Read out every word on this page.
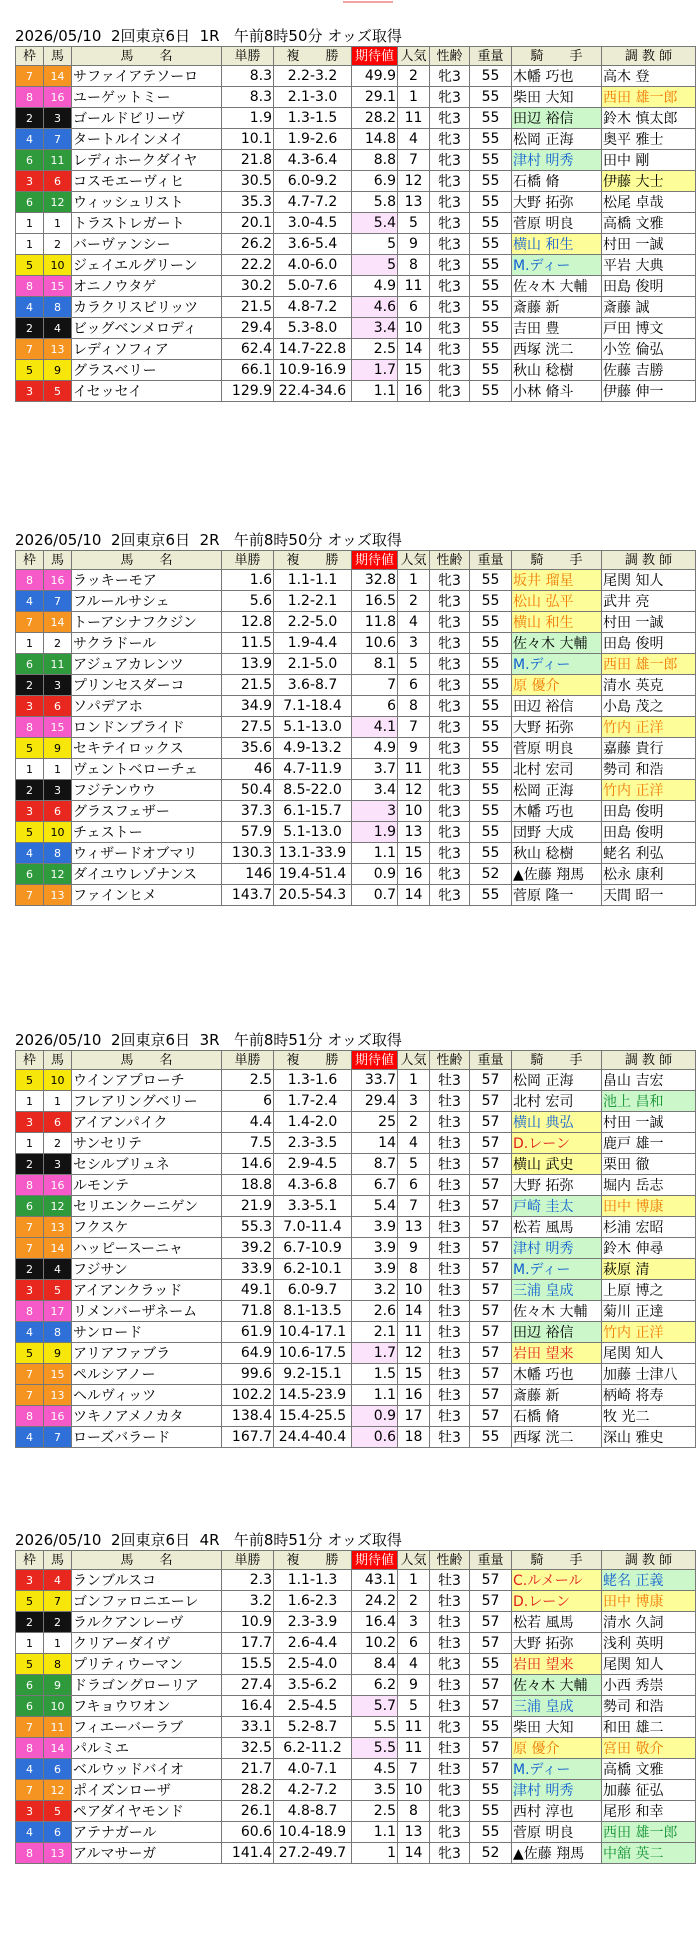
2026/05/10  2回東京6日  1R   午前8時50分 オッズ取得
枠	馬	馬　　名	単勝	複　　勝	期待値	人気	性齢	重量	騎　　手	調 教 師
7	14	サファイアテソーロ	8.3	2.2-3.2	49.9	2	牝3	55	木幡 巧也	高木 登
8	16	ユーゲットミー	8.3	2.1-3.0	29.1	1	牝3	55	柴田 大知	西田 雄一郎
2	3	ゴールドビリーヴ	1.9	1.3-1.5	28.2	11	牝3	55	田辺 裕信	鈴木 慎太郎
4	7	タートルインメイ	10.1	1.9-2.6	14.8	4	牝3	55	松岡 正海	奥平 雅士
6	11	レディホークダイヤ	21.8	4.3-6.4	8.8	7	牝3	55	津村 明秀	田中 剛
3	6	コスモエーヴィヒ	30.5	6.0-9.2	6.9	12	牝3	55	石橋 脩	伊藤 大士
6	12	ウィッシュリスト	35.3	4.7-7.2	5.8	13	牝3	55	大野 拓弥	松尾 卓哉
1	1	トラストレガート	20.1	3.0-4.5	5.4	5	牝3	55	菅原 明良	高橋 文雅
1	2	バーヴァンシー	26.2	3.6-5.4	5	9	牝3	55	横山 和生	村田 一誠
5	10	ジェイエルグリーン	22.2	4.0-6.0	5	8	牝3	55	M.ディー	平岩 大典
8	15	オニノウタゲ	30.2	5.0-7.6	4.9	11	牝3	55	佐々木 大輔	田島 俊明
4	8	カラクリスピリッツ	21.5	4.8-7.2	4.6	6	牝3	55	斎藤 新	斎藤 誠
2	4	ビッグベンメロディ	29.4	5.3-8.0	3.4	10	牝3	55	吉田 豊	戸田 博文
7	13	レディソフィア	62.4	14.7-22.8	2.5	14	牝3	55	西塚 洸二	小笠 倫弘
5	9	グラスベリー	66.1	10.9-16.9	1.7	15	牝3	55	秋山 稔樹	佐藤 吉勝
3	5	イセッセイ	129.9	22.4-34.6	1.1	16	牝3	55	小林 脩斗	伊藤 伸一
2026/05/10  2回東京6日  2R   午前8時50分 オッズ取得
枠	馬	馬　　名	単勝	複　　勝	期待値	人気	性齢	重量	騎　　手	調 教 師
8	16	ラッキーモア	1.6	1.1-1.1	32.8	1	牝3	55	坂井 瑠星	尾関 知人
4	7	フルールサシェ	5.6	1.2-2.1	16.5	2	牝3	55	松山 弘平	武井 亮
7	14	トーアシナフクジン	12.8	2.2-5.0	11.8	4	牝3	55	横山 和生	村田 一誠
1	2	サクラドール	11.5	1.9-4.4	10.6	3	牝3	55	佐々木 大輔	田島 俊明
6	11	アジュアカレンツ	13.9	2.1-5.0	8.1	5	牝3	55	M.ディー	西田 雄一郎
2	3	プリンセスダーコ	21.5	3.6-8.7	7	6	牝3	55	原 優介	清水 英克
3	6	ソパデアホ	34.9	7.1-18.4	6	8	牝3	55	田辺 裕信	小島 茂之
8	15	ロンドンブライド	27.5	5.1-13.0	4.1	7	牝3	55	大野 拓弥	竹内 正洋
5	9	セキテイロックス	35.6	4.9-13.2	4.9	9	牝3	55	菅原 明良	嘉藤 貴行
1	1	ヴェントベローチェ	46	4.7-11.9	3.7	11	牝3	55	北村 宏司	勢司 和浩
2	3	フジテンウウ	50.4	8.5-22.0	3.4	12	牝3	55	松岡 正海	竹内 正洋
3	6	グラスフェザー	37.3	6.1-15.7	3	10	牝3	55	木幡 巧也	田島 俊明
5	10	チェストー	57.9	5.1-13.0	1.9	13	牝3	55	団野 大成	田島 俊明
4	8	ウィザードオブマリ	130.3	13.1-33.9	1.1	15	牝3	55	秋山 稔樹	蛯名 利弘
6	12	ダイユウレゾナンス	146	19.4-51.4	0.9	16	牝3	52	▲佐藤 翔馬	松永 康利
7	13	ファインヒメ	143.7	20.5-54.3	0.7	14	牝3	55	菅原 隆一	天間 昭一
2026/05/10  2回東京6日  3R   午前8時51分 オッズ取得
枠	馬	馬　　名	単勝	複　　勝	期待値	人気	性齢	重量	騎　　手	調 教 師
5	10	ウインアプローチ	2.5	1.3-1.6	33.7	1	牡3	57	松岡 正海	畠山 吉宏
1	1	フレアリングベリー	6	1.7-2.4	29.4	3	牡3	57	北村 宏司	池上 昌和
3	6	アイアンパイク	4.4	1.4-2.0	25	2	牡3	57	横山 典弘	村田 一誠
1	2	サンセリテ	7.5	2.3-3.5	14	4	牡3	57	D.レーン	鹿戸 雄一
2	3	セシルブリュネ	14.6	2.9-4.5	8.7	5	牡3	57	横山 武史	栗田 徹
8	16	ルモンテ	18.8	4.3-6.8	6.7	6	牡3	57	大野 拓弥	堀内 岳志
6	12	セリエンクーニゲン	21.9	3.3-5.1	5.4	7	牡3	57	戸崎 圭太	田中 博康
7	13	フクスケ	55.3	7.0-11.4	3.9	13	牡3	57	松若 風馬	杉浦 宏昭
7	14	ハッピースーニャ	39.2	6.7-10.9	3.9	9	牡3	57	津村 明秀	鈴木 伸尋
2	4	フジサン	33.9	6.2-10.1	3.9	8	牡3	57	M.ディー	萩原 清
3	5	アイアンクラッド	49.1	6.0-9.7	3.2	10	牡3	57	三浦 皇成	上原 博之
8	17	リメンバーザネーム	71.8	8.1-13.5	2.6	14	牡3	57	佐々木 大輔	菊川 正達
4	8	サンロード	61.9	10.4-17.1	2.1	11	牡3	57	田辺 裕信	竹内 正洋
5	9	アリアファブラ	64.9	10.6-17.5	1.7	12	牡3	57	岩田 望来	尾関 知人
7	15	ペルシアノー	99.6	9.2-15.1	1.5	15	牡3	57	木幡 巧也	加藤 士津八
7	13	ヘルヴィッツ	102.2	14.5-23.9	1.1	16	牡3	57	斎藤 新	柄崎 将寿
8	16	ツキノアメノカタ	138.4	15.4-25.5	0.9	17	牡3	57	石橋 脩	牧 光二
4	7	ローズバラード	167.7	24.4-40.4	0.6	18	牡3	55	西塚 洸二	深山 雅史
2026/05/10  2回東京6日  4R   午前8時51分 オッズ取得
枠	馬	馬　　名	単勝	複　　勝	期待値	人気	性齢	重量	騎　　手	調 教 師
3	4	ランブルスコ	2.3	1.1-1.3	43.1	1	牡3	57	C.ルメール	蛯名 正義
5	7	ゴンファロニエーレ	3.2	1.6-2.3	24.2	2	牡3	57	D.レーン	田中 博康
2	2	ラルクアンレーヴ	10.9	2.3-3.9	16.4	3	牡3	57	松若 風馬	清水 久詞
1	1	クリアーダイヴ	17.7	2.6-4.4	10.2	6	牡3	57	大野 拓弥	浅利 英明
5	8	プリティウーマン	15.5	2.5-4.0	8.4	4	牝3	55	岩田 望来	尾関 知人
6	9	ドラゴングローリア	27.4	3.5-6.2	6.2	9	牡3	57	佐々木 大輔	小西 秀崇
6	10	フキョウワオン	16.4	2.5-4.5	5.7	5	牡3	57	三浦 皇成	勢司 和浩
7	11	フィエーバーラブ	33.1	5.2-8.7	5.5	11	牝3	55	柴田 大知	和田 雄二
8	14	パルミエ	32.5	6.2-11.2	5.5	11	牡3	57	原 優介	宮田 敬介
4	6	ベルウッドバイオ	21.7	4.0-7.1	4.5	7	牡3	57	M.ディー	高橋 文雅
7	12	ポイズンローザ	28.2	4.2-7.2	3.5	10	牝3	55	津村 明秀	加藤 征弘
3	5	ペアダイヤモンド	26.1	4.8-8.7	2.5	8	牝3	55	西村 淳也	尾形 和幸
4	6	アテナガール	60.6	10.4-18.9	1.1	13	牝3	55	菅原 明良	西田 雄一郎
8	13	アルマサーガ	141.4	27.2-49.7	1	14	牝3	52	▲佐藤 翔馬	中舘 英二
